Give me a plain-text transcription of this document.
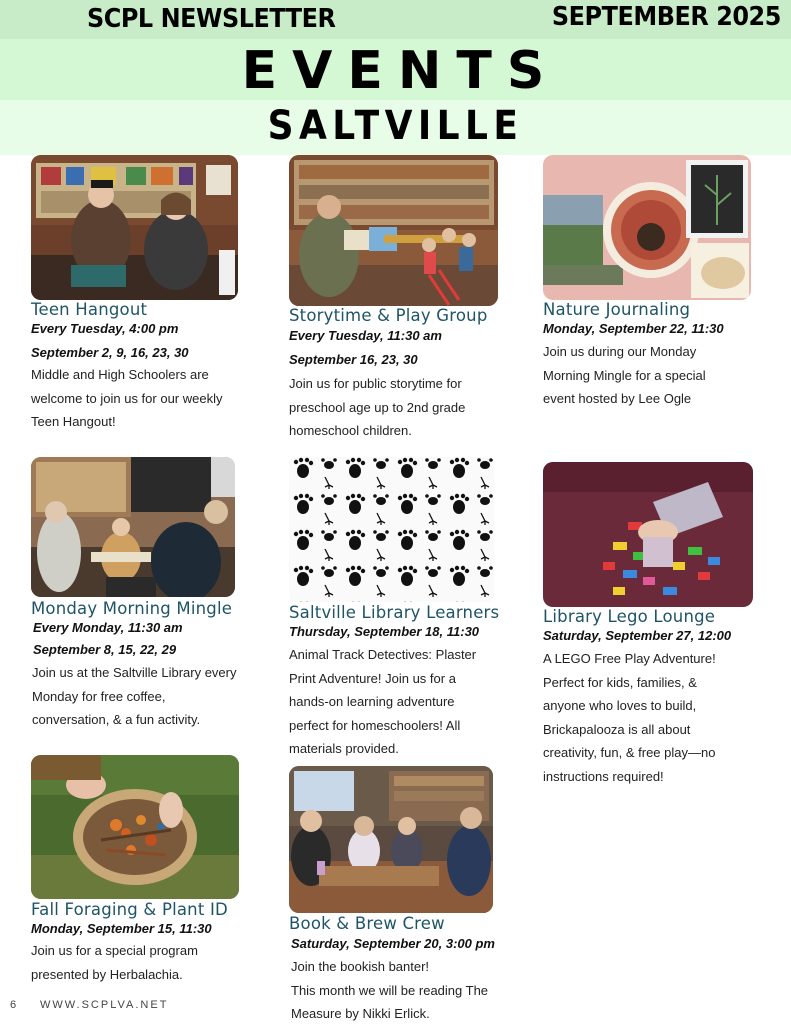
SCPL NEWSLETTER	SEPTEMBER 2025
EVENTS
SALTVILLE
Teen Hangout
Every Tuesday, 4:00 pm
September 2, 9, 16, 23, 30
Middle and High Schoolers are
welcome to join us for our weekly
Teen Hangout!
Monday Morning Mingle
Every Monday, 11:30 am
September 8, 15, 22, 29
Join us at the Saltville Library every
Monday for free coffee,
conversation, & a fun activity.
Fall Foraging & Plant ID
Monday, September 15, 11:30
Join us for a special program
presented by Herbalachia.
Storytime & Play Group
Every Tuesday, 11:30 am
September 16, 23, 30
Join us for public storytime for
preschool age up to 2nd grade
homeschool children.
Saltville Library Learners
Thursday, September 18, 11:30
Animal Track Detectives: Plaster
Print Adventure! Join us for a
hands-on learning adventure
perfect for homeschoolers! All
materials provided.
Book & Brew Crew
Saturday, September 20, 3:00 pm
Join the bookish banter!
This month we will be reading The
Measure by Nikki Erlick.
Nature Journaling
Monday, September 22, 11:30
Join us during our Monday
Morning Mingle for a special
event hosted by Lee Ogle
Library Lego Lounge
Saturday, September 27, 12:00
A LEGO Free Play Adventure!
Perfect for kids, families, &
anyone who loves to build,
Brickapalooza is all about
creativity, fun, & free play—no
instructions required!
6 WWW.SCPLVA.NET
